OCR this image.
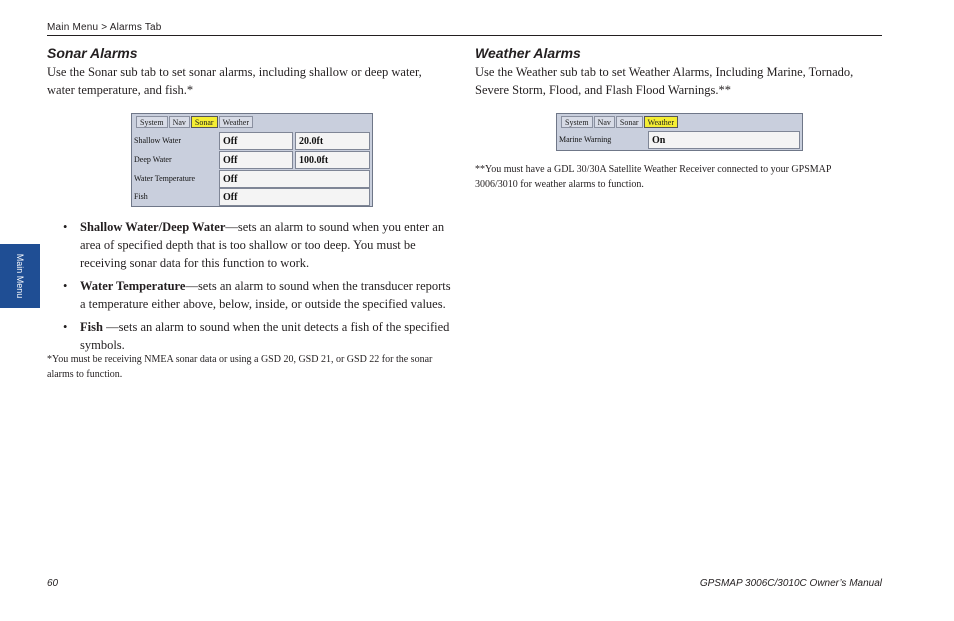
Main Menu > Alarms Tab
Main Menu
Sonar Alarms
Use the Sonar sub tab to set sonar alarms, including shallow or deep water, water temperature, and fish.*
System	Nav	Sonar	Weather
Shallow Water	Off	20.0ft
Deep Water	Off	100.0ft
Water Temperature	Off
Fish	Off
• Shallow Water/Deep Water—sets an alarm to sound when you enter an area of specified depth that is too shallow or too deep. You must be receiving sonar data for this function to work.
• Water Temperature—sets an alarm to sound when the transducer reports a temperature either above, below, inside, or outside the specified values.
• Fish —sets an alarm to sound when the unit detects a fish of the specified symbols.
*You must be receiving NMEA sonar data or using a GSD 20, GSD 21, or GSD 22 for the sonar alarms to function.
Weather Alarms
Use the Weather sub tab to set Weather Alarms, Including Marine, Tornado, Severe Storm, Flood, and Flash Flood Warnings.**
System	Nav	Sonar	Weather
Marine Warning	On
**You must have a GDL 30/30A Satellite Weather Receiver connected to your GPSMAP 3006/3010 for weather alarms to function.
60	GPSMAP 3006C/3010C Owner’s Manual
